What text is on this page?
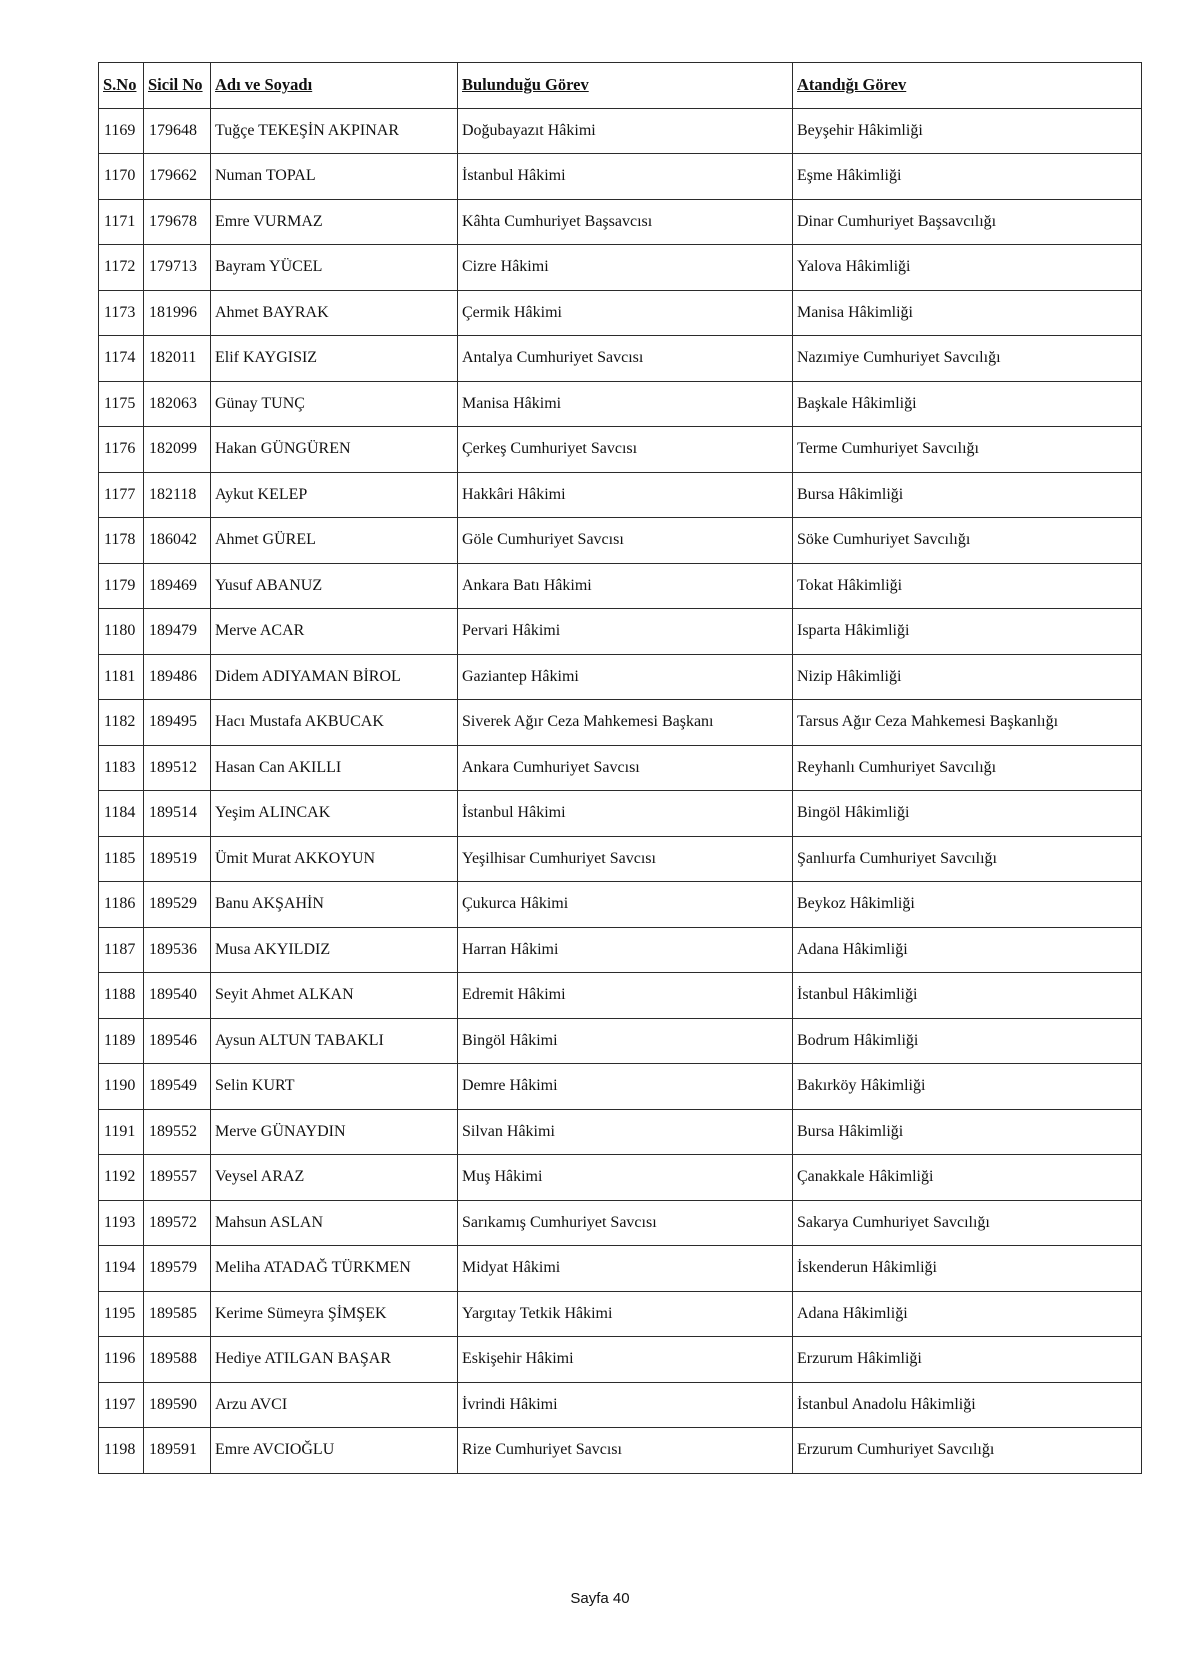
S.No	Sicil No	Adı ve Soyadı	Bulunduğu Görev	Atandığı Görev
1169	179648	Tuğçe TEKEŞİN AKPINAR	Doğubayazıt Hâkimi	Beyşehir Hâkimliği
1170	179662	Numan TOPAL	İstanbul Hâkimi	Eşme Hâkimliği
1171	179678	Emre VURMAZ	Kâhta Cumhuriyet Başsavcısı	Dinar Cumhuriyet Başsavcılığı
1172	179713	Bayram YÜCEL	Cizre Hâkimi	Yalova Hâkimliği
1173	181996	Ahmet BAYRAK	Çermik Hâkimi	Manisa Hâkimliği
1174	182011	Elif KAYGISIZ	Antalya Cumhuriyet Savcısı	Nazımiye Cumhuriyet Savcılığı
1175	182063	Günay TUNÇ	Manisa Hâkimi	Başkale Hâkimliği
1176	182099	Hakan GÜNGÜREN	Çerkeş Cumhuriyet Savcısı	Terme Cumhuriyet Savcılığı
1177	182118	Aykut KELEP	Hakkâri Hâkimi	Bursa Hâkimliği
1178	186042	Ahmet GÜREL	Göle Cumhuriyet Savcısı	Söke Cumhuriyet Savcılığı
1179	189469	Yusuf ABANUZ	Ankara Batı Hâkimi	Tokat Hâkimliği
1180	189479	Merve ACAR	Pervari Hâkimi	Isparta Hâkimliği
1181	189486	Didem ADIYAMAN BİROL	Gaziantep Hâkimi	Nizip Hâkimliği
1182	189495	Hacı Mustafa AKBUCAK	Siverek Ağır Ceza Mahkemesi Başkanı	Tarsus Ağır Ceza Mahkemesi Başkanlığı
1183	189512	Hasan Can AKILLI	Ankara Cumhuriyet Savcısı	Reyhanlı Cumhuriyet Savcılığı
1184	189514	Yeşim ALINCAK	İstanbul Hâkimi	Bingöl Hâkimliği
1185	189519	Ümit Murat AKKOYUN	Yeşilhisar Cumhuriyet Savcısı	Şanlıurfa Cumhuriyet Savcılığı
1186	189529	Banu AKŞAHİN	Çukurca Hâkimi	Beykoz Hâkimliği
1187	189536	Musa AKYILDIZ	Harran Hâkimi	Adana Hâkimliği
1188	189540	Seyit Ahmet ALKAN	Edremit Hâkimi	İstanbul Hâkimliği
1189	189546	Aysun ALTUN TABAKLI	Bingöl Hâkimi	Bodrum Hâkimliği
1190	189549	Selin KURT	Demre Hâkimi	Bakırköy Hâkimliği
1191	189552	Merve GÜNAYDIN	Silvan Hâkimi	Bursa Hâkimliği
1192	189557	Veysel ARAZ	Muş Hâkimi	Çanakkale Hâkimliği
1193	189572	Mahsun ASLAN	Sarıkamış Cumhuriyet Savcısı	Sakarya Cumhuriyet Savcılığı
1194	189579	Meliha ATADAĞ TÜRKMEN	Midyat Hâkimi	İskenderun Hâkimliği
1195	189585	Kerime Sümeyra ŞİMŞEK	Yargıtay Tetkik Hâkimi	Adana Hâkimliği
1196	189588	Hediye ATILGAN BAŞAR	Eskişehir Hâkimi	Erzurum Hâkimliği
1197	189590	Arzu AVCI	İvrindi Hâkimi	İstanbul Anadolu Hâkimliği
1198	189591	Emre AVCIOĞLU	Rize Cumhuriyet Savcısı	Erzurum Cumhuriyet Savcılığı
Sayfa 40
